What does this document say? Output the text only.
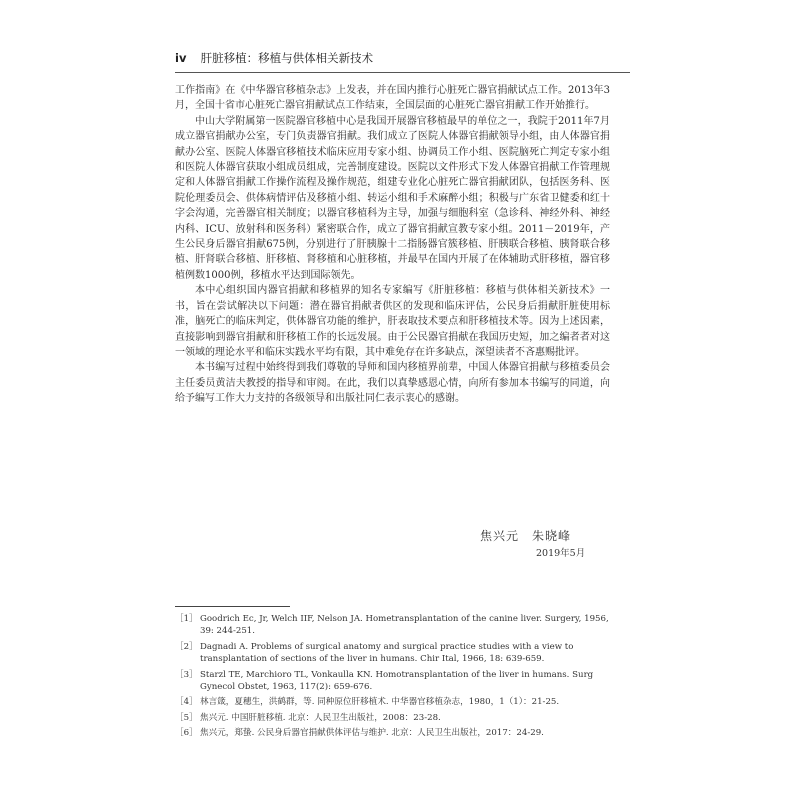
iv 肝脏移植：移植与供体相关新技术

工作指南》在《中华器官移植杂志》上发表，并在国内推行心脏死亡器官捐献试点工作。2013年3月，全国十省市心脏死亡器官捐献试点工作结束，全国层面的心脏死亡器官捐献工作开始推行。

中山大学附属第一医院器官移植中心是我国开展器官移植最早的单位之一，我院于2011年7月成立器官捐献办公室，专门负责器官捐献。我们成立了医院人体器官捐献领导小组，由人体器官捐献办公室、医院人体器官移植技术临床应用专家小组、协调员工作小组、医院脑死亡判定专家小组和医院人体器官获取小组成员组成，完善制度建设。医院以文件形式下发人体器官捐献工作管理规定和人体器官捐献工作操作流程及操作规范，组建专业化心脏死亡器官捐献团队，包括医务科、医院伦理委员会、供体病情评估及移植小组、转运小组和手术麻醉小组；积极与广东省卫健委和红十字会沟通，完善器官相关制度；以器官移植科为主导，加强与细胞科室（急诊科、神经外科、神经内科、ICU、放射科和医务科）紧密联合作，成立了器官捐献宣教专家小组。2011－2019年，产生公民身后器官捐献675例，分别进行了肝胰腺十二指肠器官簇移植、肝胰联合移植、胰肾联合移植、肝肾联合移植、肝移植、肾移植和心脏移植，并最早在国内开展了在体辅助式肝移植，器官移植例数1000例，移植水平达到国际领先。

本中心组织国内器官捐献和移植界的知名专家编写《肝脏移植：移植与供体相关新技术》一书，旨在尝试解决以下问题：潜在器官捐献者供区的发现和临床评估，公民身后捐献肝脏使用标准，脑死亡的临床判定，供体器官功能的维护，肝表取技术要点和肝移植技术等。因为上述因素，直接影响到器官捐献和肝移植工作的长远发展。由于公民器官捐献在我国历史短，加之编者者对这一领域的理论水平和临床实践水平均有限，其中难免存在许多缺点，深望读者不吝惠赐批评。

本书编写过程中始终得到我们尊敬的导师和国内移植界前辈，中国人体器官捐献与移植委员会主任委员黄洁夫教授的指导和审阅。在此，我们以真挚感恩心情，向所有参加本书编写的同道，向给予编写工作大力支持的各级领导和出版社同仁表示衷心的感谢。

焦兴元　朱晓峰
2019年5月
［1］ Goodrich Ec, Jr, Welch IIF, Nelson JA. Hometransplantation of the canine liver. Surgery, 1956, 39: 244-251.
［2］ Dagnadi A. Problems of surgical anatomy and surgical practice studies with a view to transplantation of sections of the liver in humans. Chir Ital, 1966, 18: 639-659.
［3］ Starzl TE, Marchioro TL, Vonkaulla KN. Homotransplantation of the liver in humans. Surg Gynecol Obstet, 1963, 117(2): 659-676.
［4］ 林言箴，夏穗生，洪鹤群，等. 同种原位肝移植术. 中华器官移植杂志，1980，1（1）：21-25.
［5］ 焦兴元. 中国肝脏移植. 北京：人民卫生出版社，2008：23-28.
［6］ 焦兴元，郑蛰. 公民身后器官捐献供体评估与维护. 北京：人民卫生出版社，2017：24-29.
